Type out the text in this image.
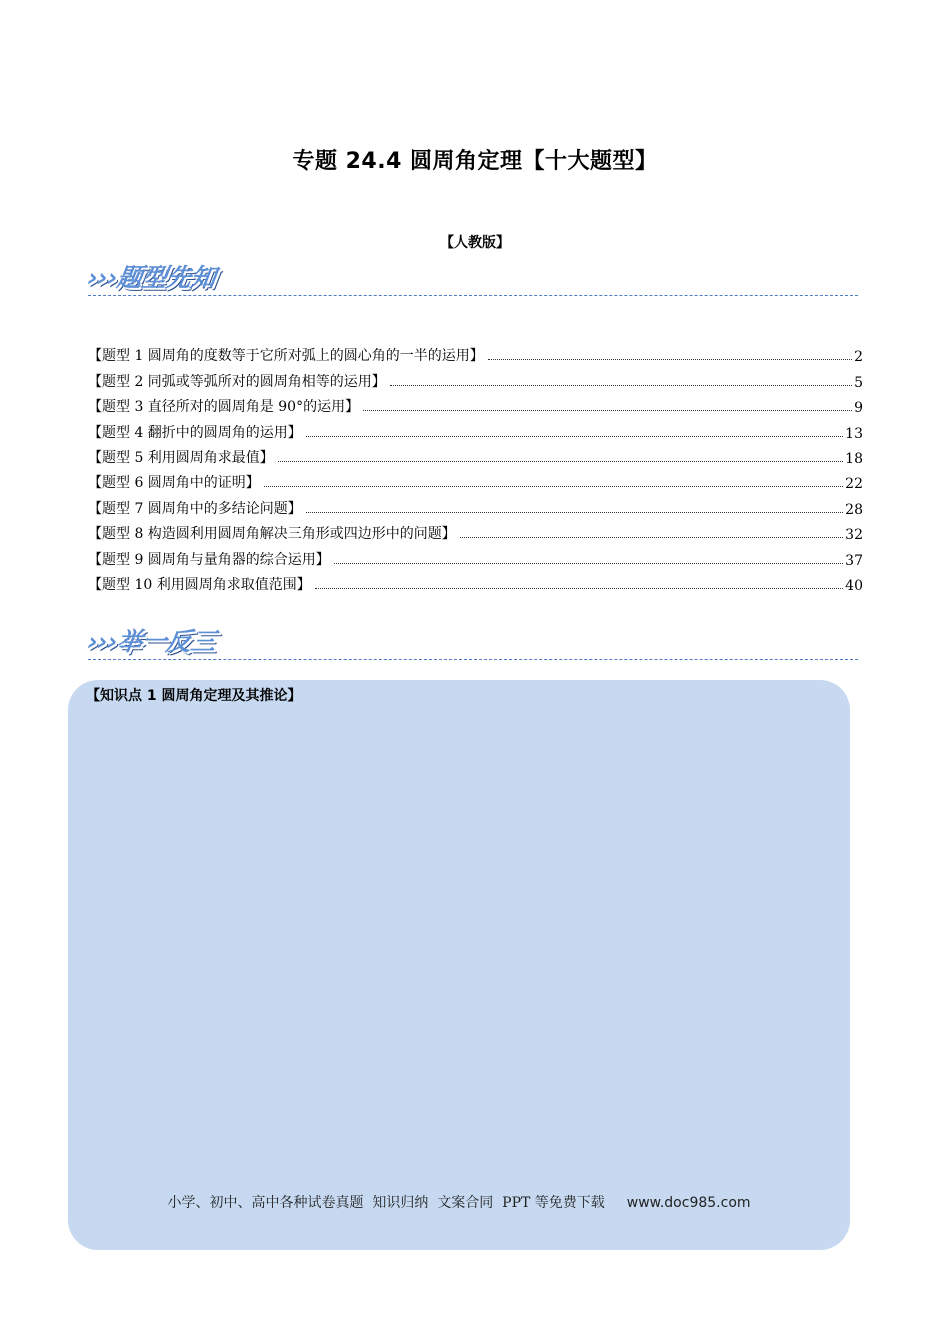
专题 24.4 圆周角定理【十大题型】
【人教版】
›››题型先知
【题型 1 圆周角的度数等于它所对弧上的圆心角的一半的运用】	2
【题型 2 同弧或等弧所对的圆周角相等的运用】	5
【题型 3 直径所对的圆周角是 90°的运用】	9
【题型 4 翻折中的圆周角的运用】	13
【题型 5 利用圆周角求最值】	18
【题型 6 圆周角中的证明】	22
【题型 7 圆周角中的多结论问题】	28
【题型 8 构造圆利用圆周角解决三角形或四边形中的问题】	32
【题型 9 圆周角与量角器的综合运用】	37
【题型 10 利用圆周角求取值范围】	40
›››举一反三
【知识点 1 圆周角定理及其推论】
小学、初中、高中各种试卷真题  知识归纳  文案合同  PPT 等免费下载 www.doc985.com
